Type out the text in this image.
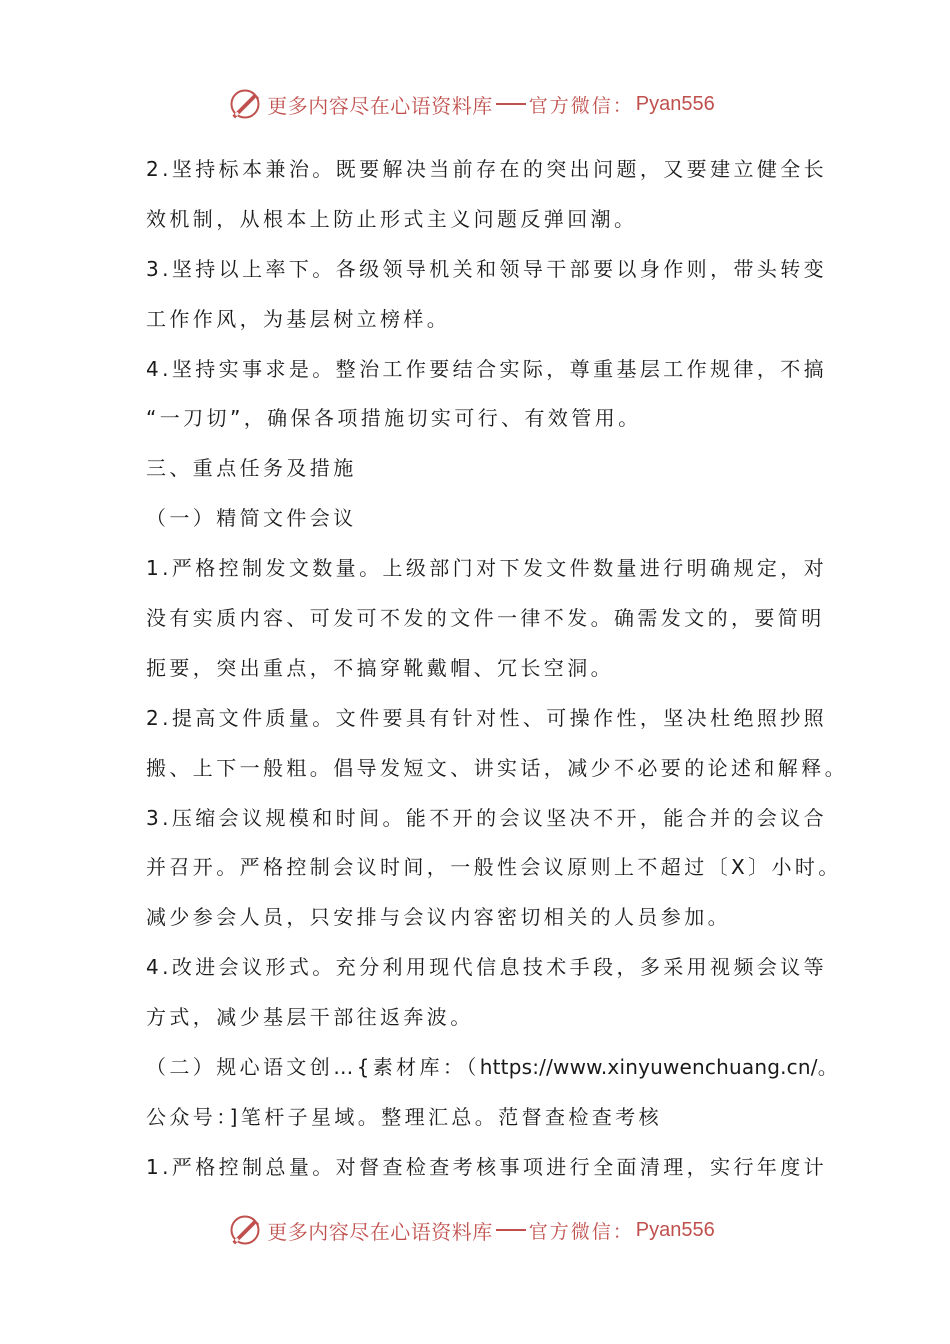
更多内容尽在心语资料库 官方微信： Pyan556
2.坚持标本兼治。既要解决当前存在的突出问题，又要建立健全长
效机制，从根本上防止形式主义问题反弹回潮。
3.坚持以上率下。各级领导机关和领导干部要以身作则，带头转变
工作作风，为基层树立榜样。
4.坚持实事求是。整治工作要结合实际，尊重基层工作规律，不搞
“一刀切”，确保各项措施切实可行、有效管用。
三、重点任务及措施
（一）精简文件会议
1.严格控制发文数量。上级部门对下发文件数量进行明确规定，对
没有实质内容、可发可不发的文件一律不发。确需发文的，要简明
扼要，突出重点，不搞穿靴戴帽、冗长空洞。
2.提高文件质量。文件要具有针对性、可操作性，坚决杜绝照抄照
搬、上下一般粗。倡导发短文、讲实话，减少不必要的论述和解释。
3.压缩会议规模和时间。能不开的会议坚决不开，能合并的会议合
并召开。严格控制会议时间，一般性会议原则上不超过〔X〕小时。
减少参会人员，只安排与会议内容密切相关的人员参加。
4.改进会议形式。充分利用现代信息技术手段，多采用视频会议等
方式，减少基层干部往返奔波。
（二）规心语文创…{素材库：（https://www.xinyuwenchuang.cn/。
公众号：]笔杆子星域。整理汇总。范督查检查考核
1.严格控制总量。对督查检查考核事项进行全面清理，实行年度计
更多内容尽在心语资料库 官方微信： Pyan556
